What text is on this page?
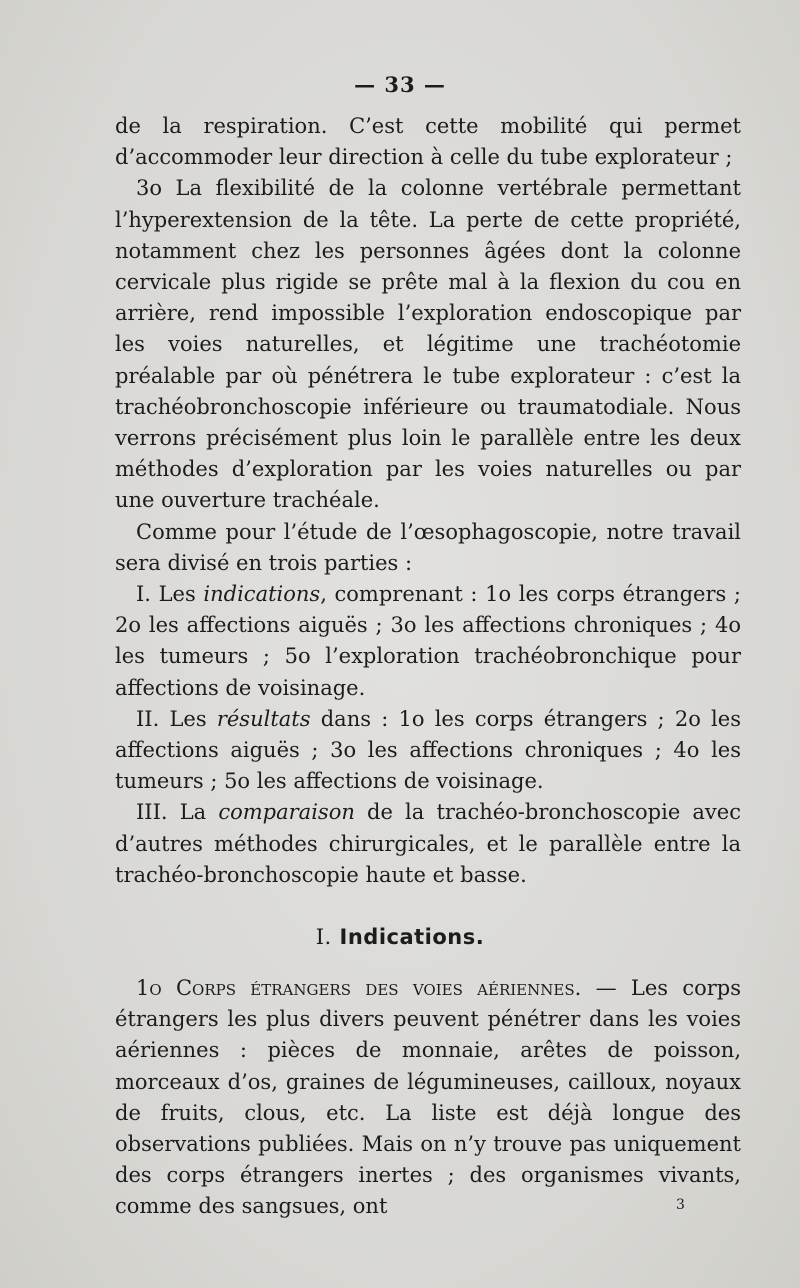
— 33 —

de la respiration. C’est cette mobilité qui permet d’accommoder leur direction à celle du tube explorateur ;

3o La flexibilité de la colonne vertébrale permettant l’hyperextension de la tête. La perte de cette propriété, notamment chez les personnes âgées dont la colonne cervicale plus rigide se prête mal à la flexion du cou en arrière, rend impossible l’exploration endoscopique par les voies naturelles, et légitime une trachéotomie préalable par où pénétrera le tube explorateur : c’est la trachéobronchoscopie inférieure ou traumatodiale. Nous verrons précisément plus loin le parallèle entre les deux méthodes d’exploration par les voies naturelles ou par une ouverture trachéale.

Comme pour l’étude de l’œsophagoscopie, notre travail sera divisé en trois parties :

I. Les indications, comprenant : 1o les corps étrangers ; 2o les affections aiguës ; 3o les affections chroniques ; 4o les tumeurs ; 5o l’exploration trachéobronchique pour affections de voisinage.

II. Les résultats dans : 1o les corps étrangers ; 2o les affections aiguës ; 3o les affections chroniques ; 4o les tumeurs ; 5o les affections de voisinage.

III. La comparaison de la trachéo-bronchoscopie avec d’autres méthodes chirurgicales, et le parallèle entre la trachéo-bronchoscopie haute et basse.

I. Indications.

1o Corps étrangers des voies aériennes. — Les corps étrangers les plus divers peuvent pénétrer dans les voies aériennes : pièces de monnaie, arêtes de poisson, morceaux d’os, graines de légumineuses, cailloux, noyaux de fruits, clous, etc. La liste est déjà longue des observations publiées. Mais on n’y trouve pas uniquement des corps étrangers inertes ; des organismes vivants, comme des sangsues, ont	3
